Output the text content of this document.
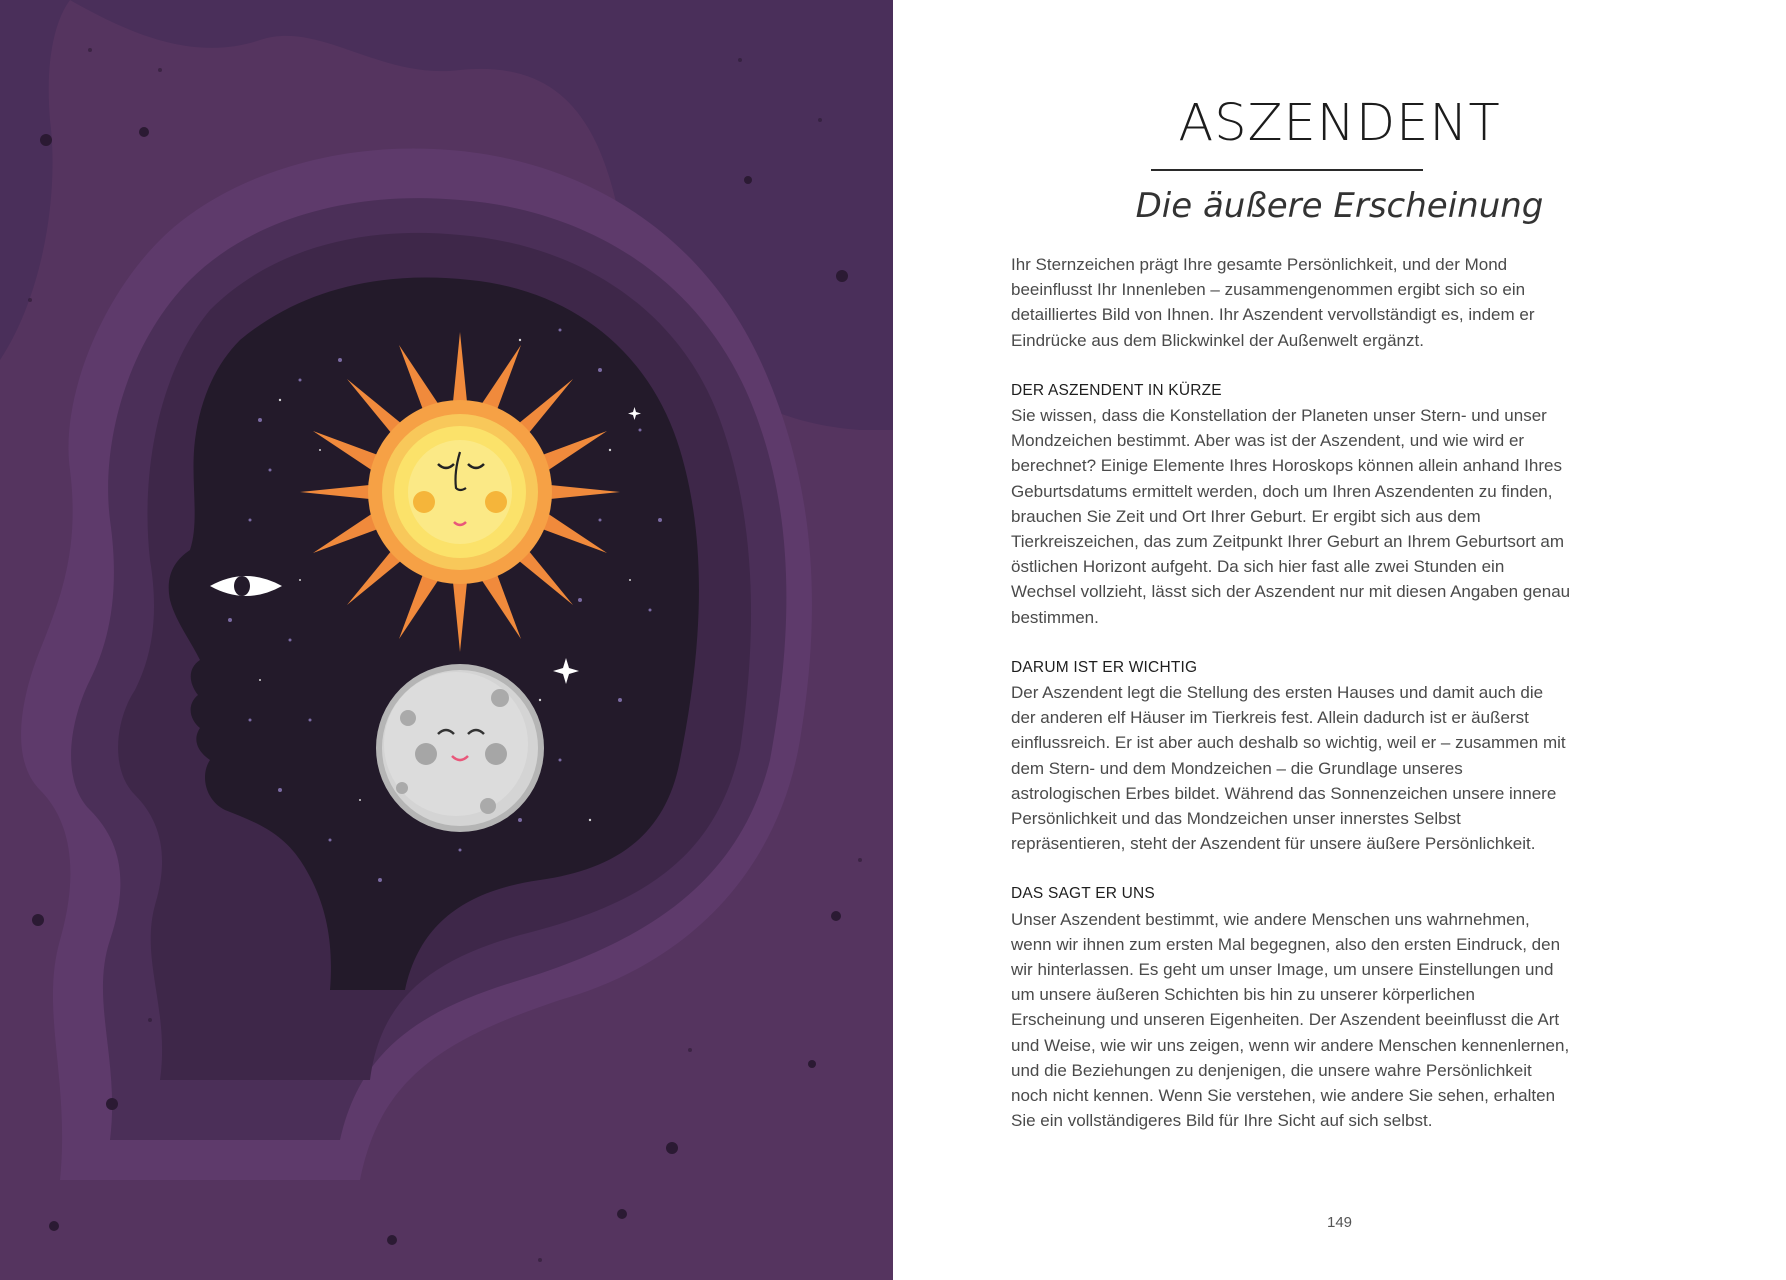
ASZENDENT

Die äußere Erscheinung

Ihr Sternzeichen prägt Ihre gesamte Persönlichkeit, und der Mond beeinflusst Ihr Innenleben – zusammengenommen ergibt sich so ein detailliertes Bild von Ihnen. Ihr Aszendent vervollständigt es, indem er Eindrücke aus dem Blickwinkel der Außenwelt ergänzt.

DER ASZENDENT IN KÜRZE
Sie wissen, dass die Konstellation der Planeten unser Stern- und unser Mondzeichen bestimmt. Aber was ist der Aszendent, und wie wird er berechnet? Einige Elemente Ihres Horoskops können allein anhand Ihres Geburtsdatums ermittelt werden, doch um Ihren Aszendenten zu finden, brauchen Sie Zeit und Ort Ihrer Geburt. Er ergibt sich aus dem Tierkreiszeichen, das zum Zeitpunkt Ihrer Geburt an Ihrem Geburtsort am östlichen Horizont aufgeht. Da sich hier fast alle zwei Stunden ein Wechsel vollzieht, lässt sich der Aszendent nur mit diesen Angaben genau bestimmen.
DARUM IST ER WICHTIG
Der Aszendent legt die Stellung des ersten Hauses und damit auch die der anderen elf Häuser im Tierkreis fest. Allein dadurch ist er äußerst einflussreich. Er ist aber auch deshalb so wichtig, weil er – zusammen mit dem Stern- und dem Mondzeichen – die Grundlage unseres astrologischen Erbes bildet. Während das Sonnenzeichen unsere innere Persönlichkeit und das Mondzeichen unser innerstes Selbst repräsentieren, steht der Aszendent für unsere äußere Persönlichkeit.
DAS SAGT ER UNS
Unser Aszendent bestimmt, wie andere Menschen uns wahrnehmen, wenn wir ihnen zum ersten Mal begegnen, also den ersten Eindruck, den wir hinterlassen. Es geht um unser Image, um unsere Einstellungen und um unsere äußeren Schichten bis hin zu unserer körperlichen Erscheinung und unseren Eigenheiten. Der Aszendent beeinflusst die Art und Weise, wie wir uns zeigen, wenn wir andere Menschen kennenlernen, und die Beziehungen zu denjenigen, die unsere wahre Persönlichkeit noch nicht kennen. Wenn Sie verstehen, wie andere Sie sehen, erhalten Sie ein vollständigeres Bild für Ihre Sicht auf sich selbst.
149
